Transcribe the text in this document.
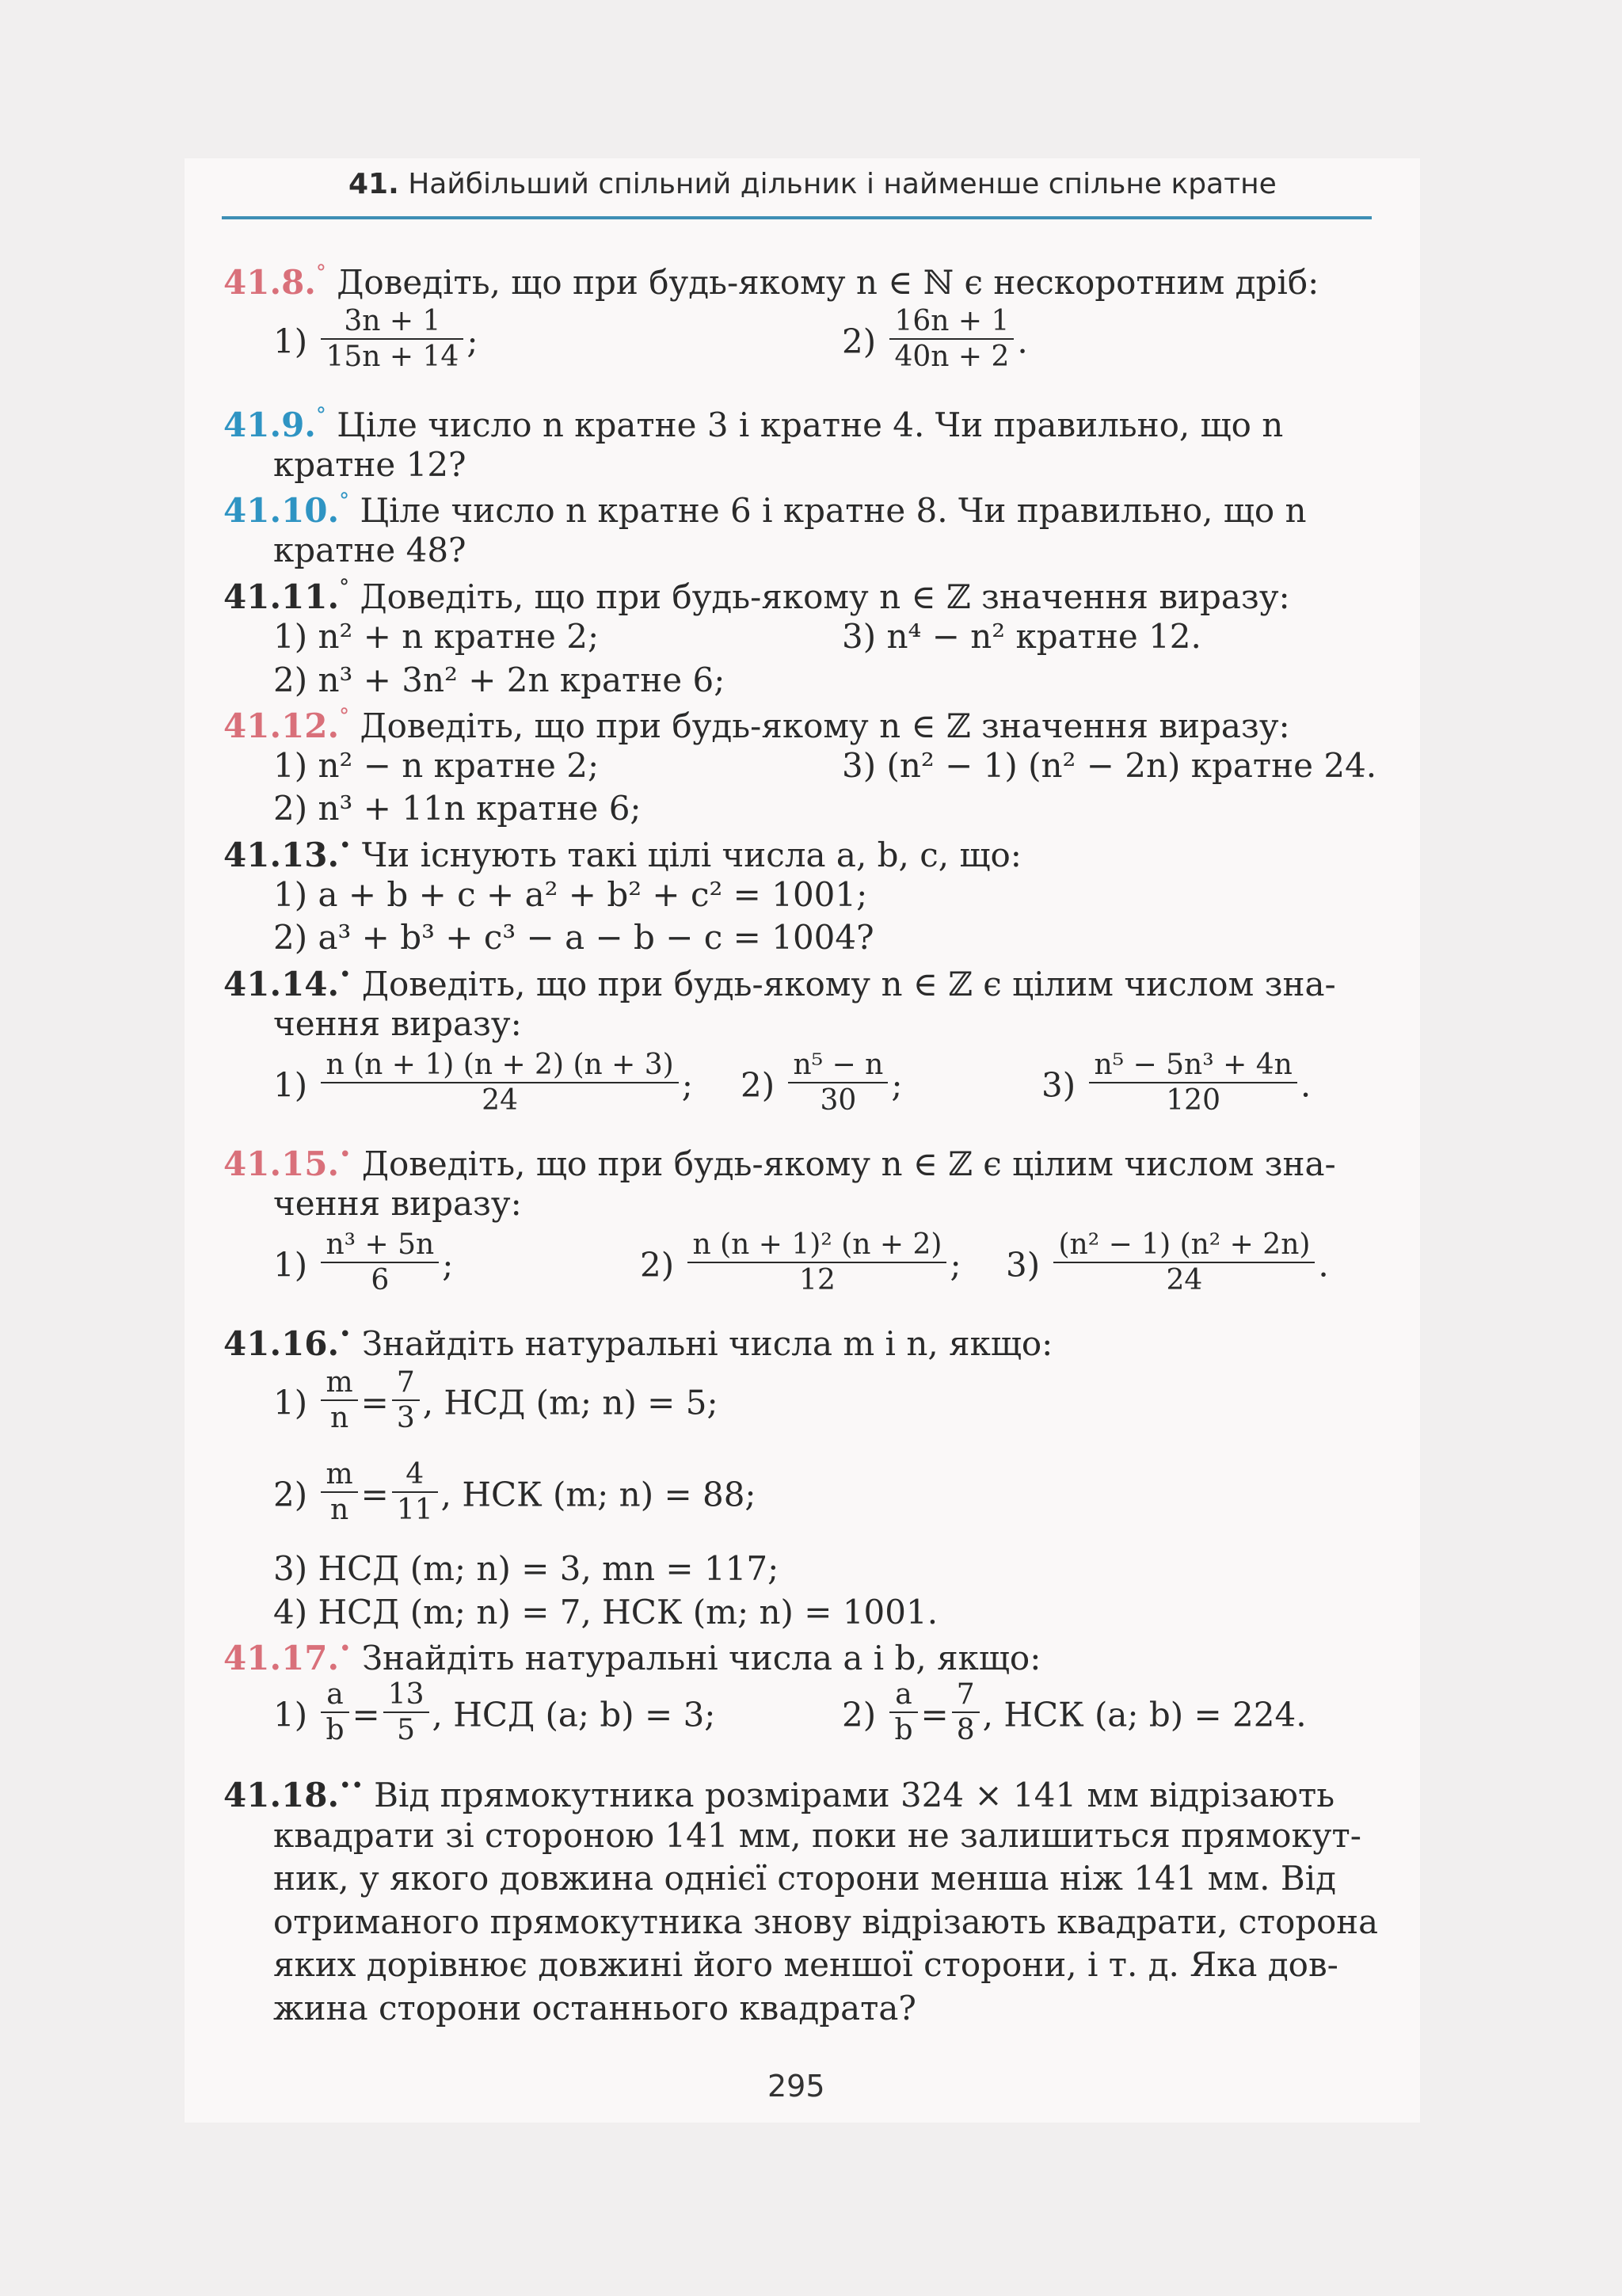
41. Найбільший спільний дільник і найменше спільне кратне
41.8.° Доведіть, що при будь-якому n ∈ ℕ є нескоротним дріб:
$1) \frac{3n + 1}{15n + 14}$ ;	$2) \frac{16n + 1}{40n + 2}$ .
41.9.° Ціле число n кратне 3 і кратне 4. Чи правильно, що n
кратне 12?
41.10.° Ціле число n кратне 6 і кратне 8. Чи правильно, що n
кратне 48?
41.11.° Доведіть, що при будь-якому n ∈ ℤ значення виразу:
1) n² + n кратне 2;	3) n⁴ − n² кратне 12.
2) n³ + 3n² + 2n кратне 6;
41.12.° Доведіть, що при будь-якому n ∈ ℤ значення виразу:
1) n² − n кратне 2;	3) (n² − 1) (n² − 2n) кратне 24.
2) n³ + 11n кратне 6;
41.13.• Чи існують такі цілі числа a, b, c, що:
1) a + b + c + a² + b² + c² = 1001;
2) a³ + b³ + c³ − a − b − c = 1004?
41.14.• Доведіть, що при будь-якому n ∈ ℤ є цілим числом зна-
чення виразу:
$1) \frac{n (n + 1) (n + 2) (n + 3)}{24}$ ; $2) \frac{\text{n⁵ − n}}{30}$ ;	$3) \frac{\text{n⁵ − 5n³ + 4n}}{120}$ .
41.15.• Доведіть, що при будь-якому n ∈ ℤ є цілим числом зна-
чення виразу:
$1) \frac{\text{n³ + 5n}}{6}$ ;	$2) \frac{\text{n (n + 1)² (n + 2)}}{12}$ ; $3) \frac{\text{(n² − 1) (n² + 2n)}}{24}$ .
41.16.• Знайдіть натуральні числа m і n, якщо:
$1) \frac{m}{n} = \frac{7}{3}$ , НСД (m; n) = 5;
$2) \frac{m}{n} = \frac{4}{11}$ , НСК (m; n) = 88;
3) НСД (m; n) = 3, mn = 117;
4) НСД (m; n) = 7, НСК (m; n) = 1001.
41.17.• Знайдіть натуральні числа a і b, якщо:
$1) \frac{a}{b} = \frac{13}{5}$ , НСД (a; b) = 3;	$2) \frac{a}{b} = \frac{7}{8}$ , НСК (a; b) = 224.
41.18.•• Від прямокутника розмірами 324 × 141 мм відрізають
квадрати зі стороною 141 мм, поки не залишиться прямокут-
ник, у якого довжина однієї сторони менша ніж 141 мм. Від
отриманого прямокутника знову відрізають квадрати, сторона
яких дорівнює довжині його меншої сторони, і т. д. Яка дов-
жина сторони останнього квадрата?
295
